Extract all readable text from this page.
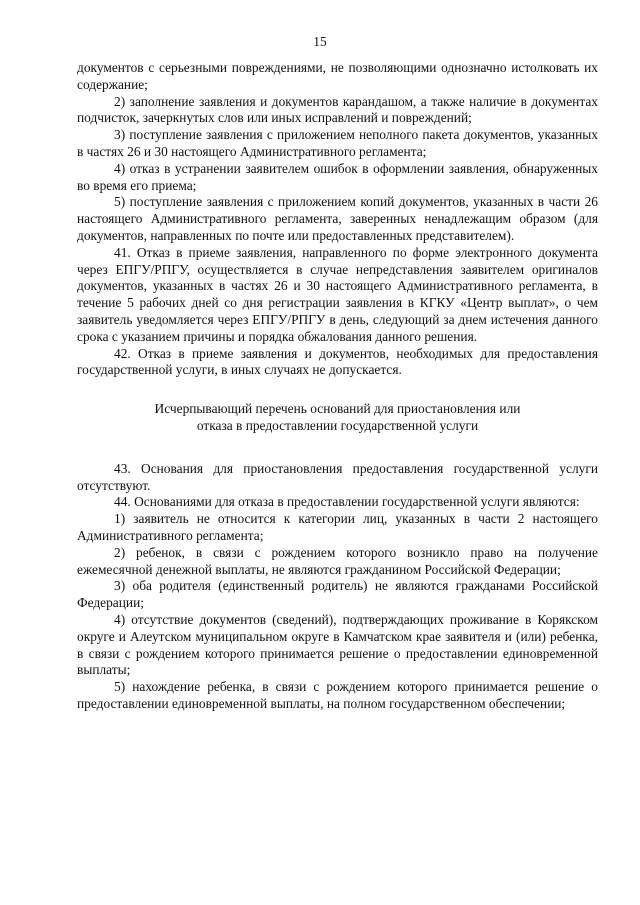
15

документов с серьезными повреждениями, не позволяющими однозначно истолковать их содержание;

2) заполнение заявления и документов карандашом, а также наличие в документах подчисток, зачеркнутых слов или иных исправлений и повреждений;

3) поступление заявления с приложением неполного пакета документов, указанных в частях 26 и 30 настоящего Административного регламента;

4) отказ в устранении заявителем ошибок в оформлении заявления, обнаруженных во время его приема;

5) поступление заявления с приложением копий документов, указанных в части 26 настоящего Административного регламента, заверенных ненадлежащим образом (для документов, направленных по почте или предоставленных представителем).

41. Отказ в приеме заявления, направленного по форме электронного документа через ЕПГУ/РПГУ, осуществляется в случае непредставления заявителем оригиналов документов, указанных в частях 26 и 30 настоящего Административного регламента, в течение 5 рабочих дней со дня регистрации заявления в КГКУ «Центр выплат», о чем заявитель уведомляется через ЕПГУ/РПГУ в день, следующий за днем истечения данного срока с указанием причины и порядка обжалования данного решения.

42. Отказ в приеме заявления и документов, необходимых для предоставления государственной услуги, в иных случаях не допускается.

Исчерпывающий перечень оснований для приостановления или
отказа в предоставлении государственной услуги

43. Основания для приостановления предоставления государственной услуги отсутствуют.

44. Основаниями для отказа в предоставлении государственной услуги являются:

1) заявитель не относится к категории лиц, указанных в части 2 настоящего Административного регламента;

2) ребенок, в связи с рождением которого возникло право на получение ежемесячной денежной выплаты, не являются гражданином Российской Федерации;

3) оба родителя (единственный родитель) не являются гражданами Российской Федерации;

4) отсутствие документов (сведений), подтверждающих проживание в Корякском округе и Алеутском муниципальном округе в Камчатском крае заявителя и (или) ребенка, в связи с рождением которого принимается решение о предоставлении единовременной выплаты;

5) нахождение ребенка, в связи с рождением которого принимается решение о предоставлении единовременной выплаты, на полном государственном обеспечении;
